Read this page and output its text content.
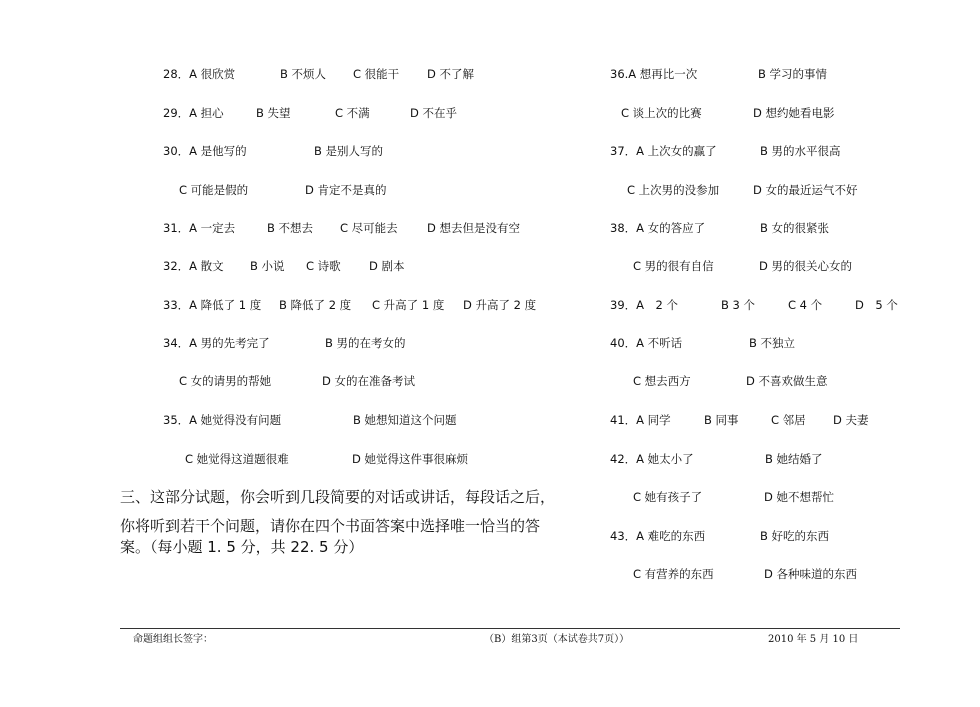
28．A 很欣赏	B 不烦人 C 很能干 D 不了解
29．A 担心	B 失望	C 不满	D 不在乎
30．A 是他写的	B 是别人写的
C 可能是假的	D 肯定不是真的
31．A 一定去	B 不想去 C 尽可能去	D 想去但是没有空
32．A 散文 B 小说 C 诗歌 D 剧本
33．A 降低了 1 度 B 降低了 2 度 C 升高了 1 度 D 升高了 2 度
34．A 男的先考完了	B 男的在考女的
C 女的请男的帮她	D 女的在准备考试
35．A 她觉得没有问题	B 她想知道这个问题
C 她觉得这道题很难	D 她觉得这件事很麻烦
三、这部分试题，你会听到几段简要的对话或讲话，每段话之后，
你将听到若干个问题，请你在四个书面答案中选择唯一恰当的答
案。（每小题 1. 5 分，共 22. 5 分）
36.A 想再比一次	B 学习的事情
C 谈上次的比赛	D 想约她看电影
37．A 上次女的赢了	B 男的水平很高
C 上次男的没参加	D 女的最近运气不好
38．A 女的答应了	B 女的很紧张
C 男的很有自信	D 男的很关心女的
39．A　2 个	B 3 个	C 4 个	D　5 个
40．A 不听话	B 不独立
C 想去西方	D 不喜欢做生意
41．A 同学	B 同事	C 邻居 D 夫妻
42．A 她太小了	B 她结婚了
C 她有孩子了	D 她不想帮忙
43．A 难吃的东西	B 好吃的东西
C 有营养的东西	D 各种味道的东西
命题组组长签字：	（B）组第3页（本试卷共7页））	2010 年 5 月 10 日
